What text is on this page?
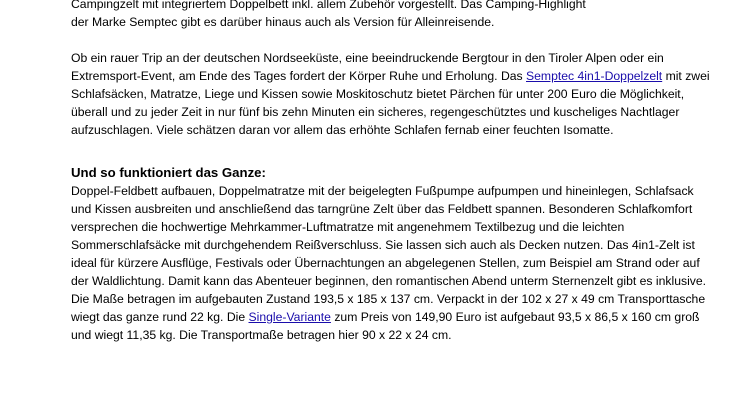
Campingzelt mit integriertem Doppelbett inkl. allem Zubehör vorgestellt. Das Camping-Highlight
der Marke Semptec gibt es darüber hinaus auch als Version für Alleinreisende.

Ob ein rauer Trip an der deutschen Nordseeküste, eine beeindruckende Bergtour in den Tiroler Alpen oder ein Extremsport-Event, am Ende des Tages fordert der Körper Ruhe und Erholung. Das Semptec 4in1-Doppelzelt mit zwei Schlafsäcken, Matratze, Liege und Kissen sowie Moskitoschutz bietet Pärchen für unter 200 Euro die Möglichkeit, überall und zu jeder Zeit in nur fünf bis zehn Minuten ein sicheres, regengeschütztes und kuscheliges Nachtlager aufzuschlagen. Viele schätzen daran vor allem das erhöhte Schlafen fernab einer feuchten Isomatte.

Und so funktioniert das Ganze:

Doppel-Feldbett aufbauen, Doppelmatratze mit der beigelegten Fußpumpe aufpumpen und hineinlegen, Schlafsack und Kissen ausbreiten und anschließend das tarngrüne Zelt über das Feldbett spannen. Besonderen Schlafkomfort versprechen die hochwertige Mehrkammer-Luftmatratze mit angenehmem Textilbezug und die leichten Sommerschlafsäcke mit durchgehendem Reißverschluss. Sie lassen sich auch als Decken nutzen. Das 4in1-Zelt ist ideal für kürzere Ausflüge, Festivals oder Übernachtungen an abgelegenen Stellen, zum Beispiel am Strand oder auf der Waldlichtung. Damit kann das Abenteuer beginnen, den romantischen Abend unterm Sternenzelt gibt es inklusive. Die Maße betragen im aufgebauten Zustand 193,5 x 185 x 137 cm. Verpackt in der 102 x 27 x 49 cm Transporttasche wiegt das ganze rund 22 kg. Die Single-Variante zum Preis von 149,90 Euro ist aufgebaut 93,5 x 86,5 x 160 cm groß und wiegt 11,35 kg. Die Transportmaße betragen hier 90 x 22 x 24 cm.
